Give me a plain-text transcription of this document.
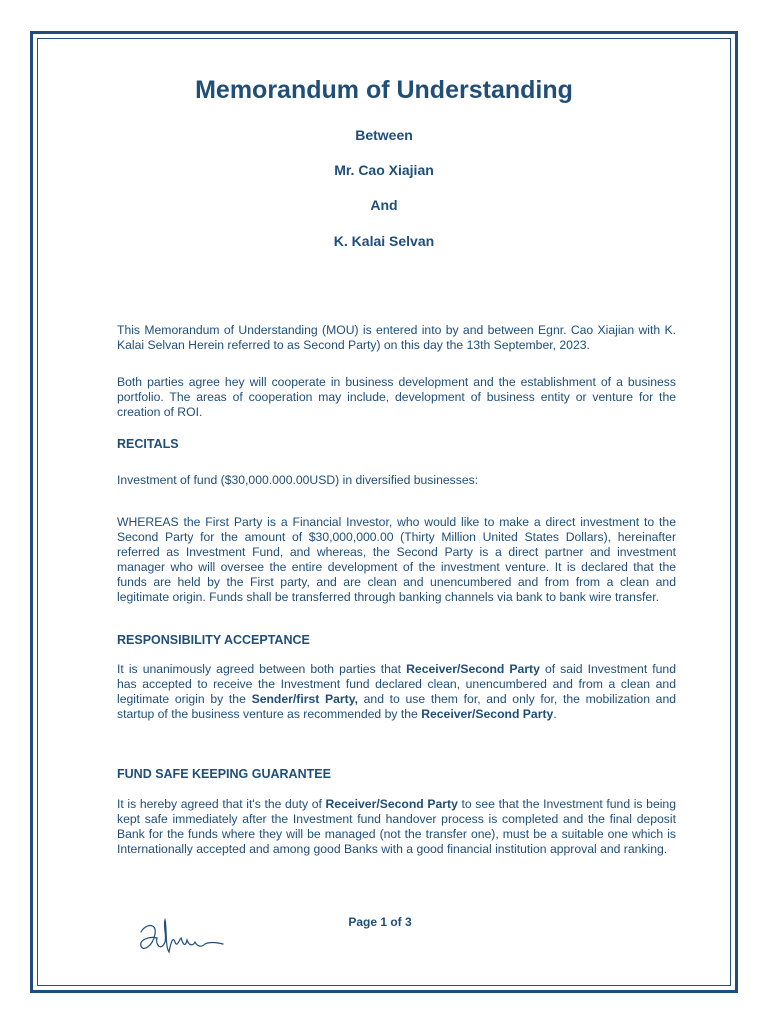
Memorandum of Understanding
Between
Mr. Cao Xiajian
And
K. Kalai Selvan

This Memorandum of Understanding (MOU) is entered into by and between Egnr. Cao Xiajian with K. Kalai Selvan Herein referred to as Second Party) on this day the 13th September, 2023.

Both parties agree hey will cooperate in business development and the establishment of a business portfolio. The areas of cooperation may include, development of business entity or venture for the creation of ROI.

RECITALS

Investment of fund ($30,000.000.00USD) in diversified businesses:

WHEREAS the First Party is a Financial Investor, who would like to make a direct investment to the Second Party for the amount of $30,000,000.00 (Thirty Million United States Dollars), hereinafter referred as Investment Fund, and whereas, the Second Party is a direct partner and investment manager who will oversee the entire development of the investment venture. It is declared that the funds are held by the First party, and are clean and unencumbered and from from a clean and legitimate origin. Funds shall be transferred through banking channels via bank to bank wire transfer.

RESPONSIBILITY ACCEPTANCE

It is unanimously agreed between both parties that Receiver/Second Party of said Investment fund has accepted to receive the Investment fund declared clean, unencumbered and from a clean and legitimate origin by the Sender/first Party, and to use them for, and only for, the mobilization and startup of the business venture as recommended by the Receiver/Second Party.

FUND SAFE KEEPING GUARANTEE

It is hereby agreed that it's the duty of Receiver/Second Party to see that the Investment fund is being kept safe immediately after the Investment fund handover process is completed and the final deposit Bank for the funds where they will be managed (not the transfer one), must be a suitable one which is Internationally accepted and among good Banks with a good financial institution approval and ranking.

Page 1 of 3
